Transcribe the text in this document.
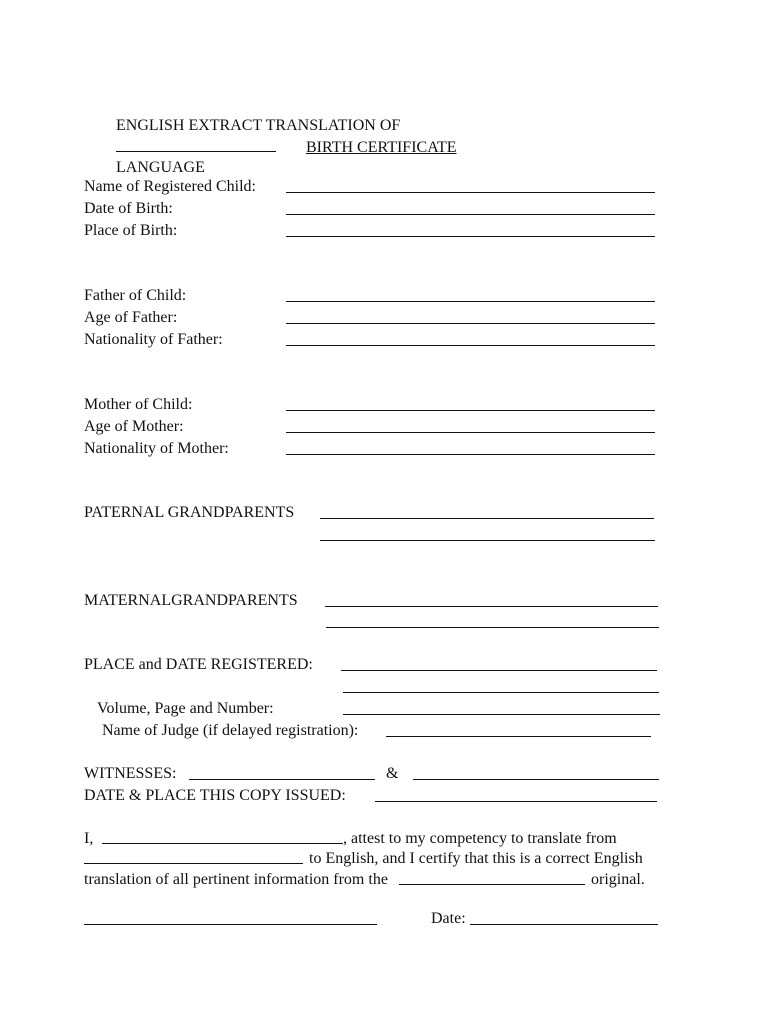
ENGLISH EXTRACT TRANSLATION OF

LANGUAGE

BIRTH CERTIFICATE
Name of Registered Child:
Date of Birth:
Place of Birth:
Father of Child:
Age of Father:
Nationality of Father:
Mother of Child:
Age of Mother:
Nationality of Mother:
PATERNAL GRANDPARENTS
MATERNALGRANDPARENTS
PLACE and DATE REGISTERED:
Volume, Page and Number:
Name of Judge (if delayed registration):
WITNESSES:	&
DATE & PLACE THIS COPY ISSUED:
I,	, attest to my competency to translate from
to English, and I certify that this is a correct English
translation of all pertinent information from the	original.
Date:
